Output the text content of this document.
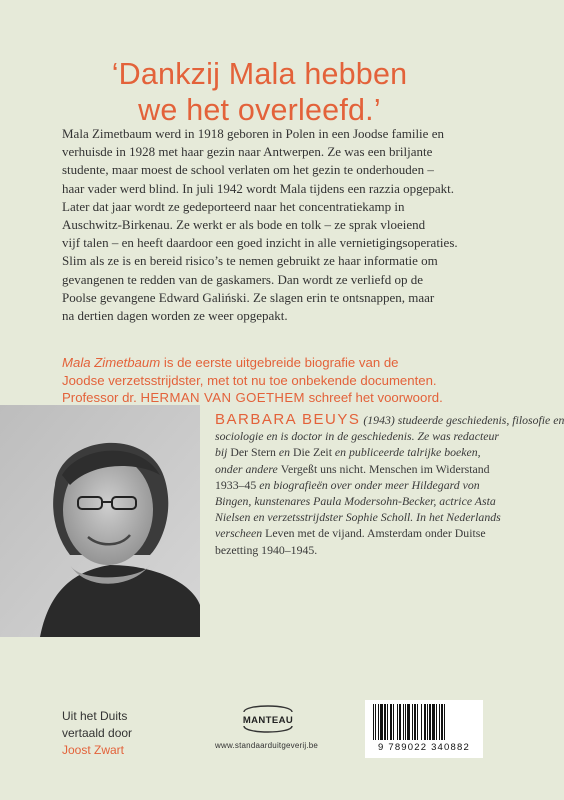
‘Dankzij Mala hebben
we het overleefd.’
Mala Zimetbaum werd in 1918 geboren in Polen in een Joodse familie en
verhuisde in 1928 met haar gezin naar Antwerpen. Ze was een briljante
studente, maar moest de school verlaten om het gezin te onderhouden –
haar vader werd blind. In juli 1942 wordt Mala tijdens een razzia opgepakt.
Later dat jaar wordt ze gedeporteerd naar het concentratiekamp in
Auschwitz-Birkenau. Ze werkt er als bode en tolk – ze sprak vloeiend
vijf talen – en heeft daardoor een goed inzicht in alle vernietigingsoperaties.
Slim als ze is en bereid risico’s te nemen gebruikt ze haar informatie om
gevangenen te redden van de gaskamers. Dan wordt ze verliefd op de
Poolse gevangene Edward Galiński. Ze slagen erin te ontsnappen, maar
na dertien dagen worden ze weer opgepakt.
Mala Zimetbaum is de eerste uitgebreide biografie van de
Joodse verzetsstrijdster, met tot nu toe onbekende documenten.
Professor dr. HERMAN VAN GOETHEM schreef het voorwoord.
BARBARA BEUYS (1943) studeerde geschiedenis, filosofie en
sociologie en is doctor in de geschiedenis. Ze was redacteur
bij Der Stern en Die Zeit en publiceerde talrijke boeken,
onder andere Vergeßt uns nicht. Menschen im Widerstand
1933–45 en biografieën over onder meer Hildegard von
Bingen, kunstenares Paula Modersohn-Becker, actrice Asta
Nielsen en verzetsstrijdster Sophie Scholl. In het Nederlands
verscheen Leven met de vijand. Amsterdam onder Duitse
bezetting 1940–1945.
Uit het Duits
vertaald door
Joost Zwart
MANTEAU
www.standaarduitgeverij.be	9 789022 340882
